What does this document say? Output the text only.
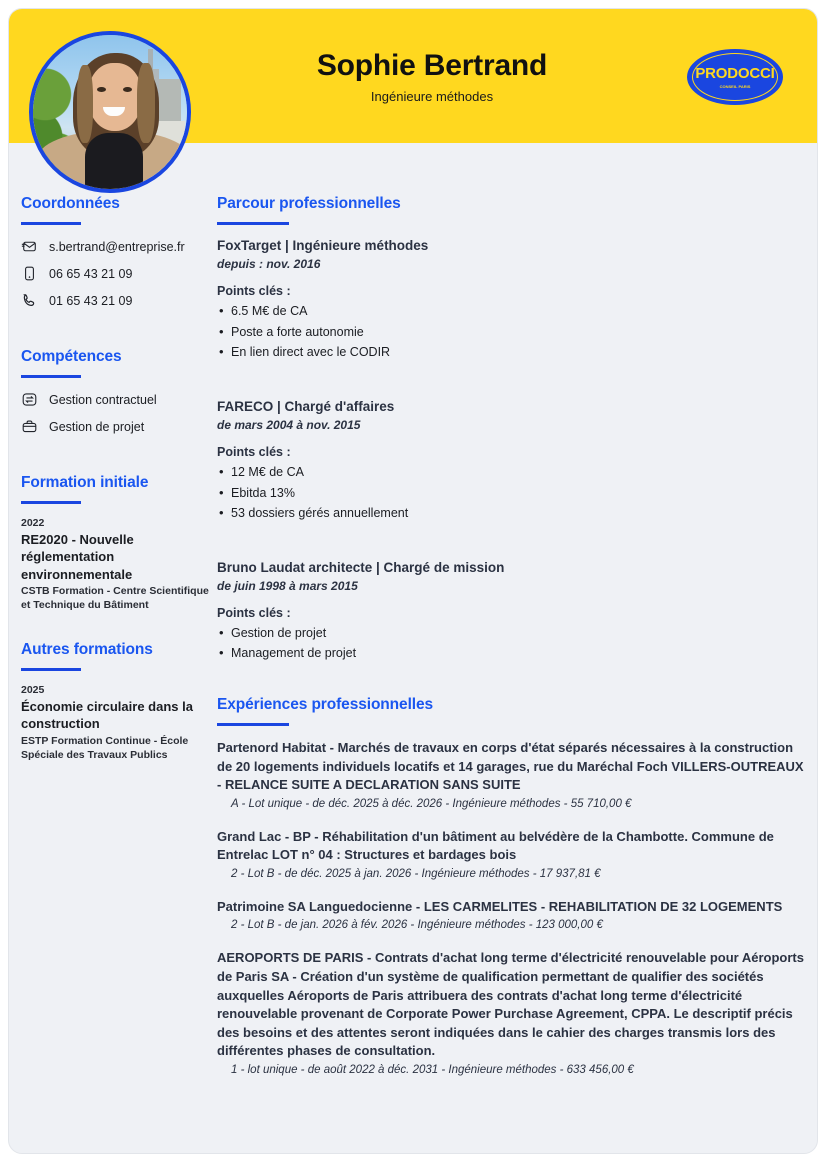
Sophie Bertrand
Ingénieure méthodes
PRODOCCI
CONSEIL PARIS
Coordonnées
s.bertrand@entreprise.fr
06 65 43 21 09
01 65 43 21 09
Compétences
Gestion contractuel
Gestion de projet
Formation initiale
2022
RE2020 - Nouvelle réglementation environnementale
CSTB Formation - Centre Scientifique et Technique du Bâtiment
Autres formations
2025
Économie circulaire dans la construction
ESTP Formation Continue - École Spéciale des Travaux Publics
Parcour professionnelles
FoxTarget | Ingénieure méthodes
depuis : nov. 2016
Points clés :
• 6.5 M€ de CA
• Poste a forte autonomie
• En lien direct avec le CODIR
FARECO | Chargé d'affaires
de mars 2004 à nov. 2015
Points clés :
• 12 M€ de CA
• Ebitda 13%
• 53 dossiers gérés annuellement
Bruno Laudat architecte | Chargé de mission
de juin 1998 à mars 2015
Points clés :
• Gestion de projet
• Management de projet
Expériences professionnelles
Partenord Habitat - Marchés de travaux en corps d'état séparés nécessaires à la construction de 20 logements individuels locatifs et 14 garages, rue du Maréchal Foch VILLERS-OUTREAUX - RELANCE SUITE A DECLARATION SANS SUITE
A - Lot unique - de déc. 2025 à déc. 2026 - Ingénieure méthodes - 55 710,00 €
Grand Lac - BP - Réhabilitation d'un bâtiment au belvédère de la Chambotte. Commune de Entrelac LOT n° 04 : Structures et bardages bois
2 - Lot B - de déc. 2025 à jan. 2026 - Ingénieure méthodes - 17 937,81 €
Patrimoine SA Languedocienne - LES CARMELITES - REHABILITATION DE 32 LOGEMENTS
2 - Lot B - de jan. 2026 à fév. 2026 - Ingénieure méthodes - 123 000,00 €
AEROPORTS DE PARIS - Contrats d'achat long terme d'électricité renouvelable pour Aéroports de Paris SA - Création d'un système de qualification permettant de qualifier des sociétés auxquelles Aéroports de Paris attribuera des contrats d'achat long terme d'électricité renouvelable provenant de Corporate Power Purchase Agreement, CPPA. Le descriptif précis des besoins et des attentes seront indiquées dans le cahier des charges transmis lors des différentes phases de consultation.
1 - lot unique - de août 2022 à déc. 2031 - Ingénieure méthodes - 633 456,00 €
